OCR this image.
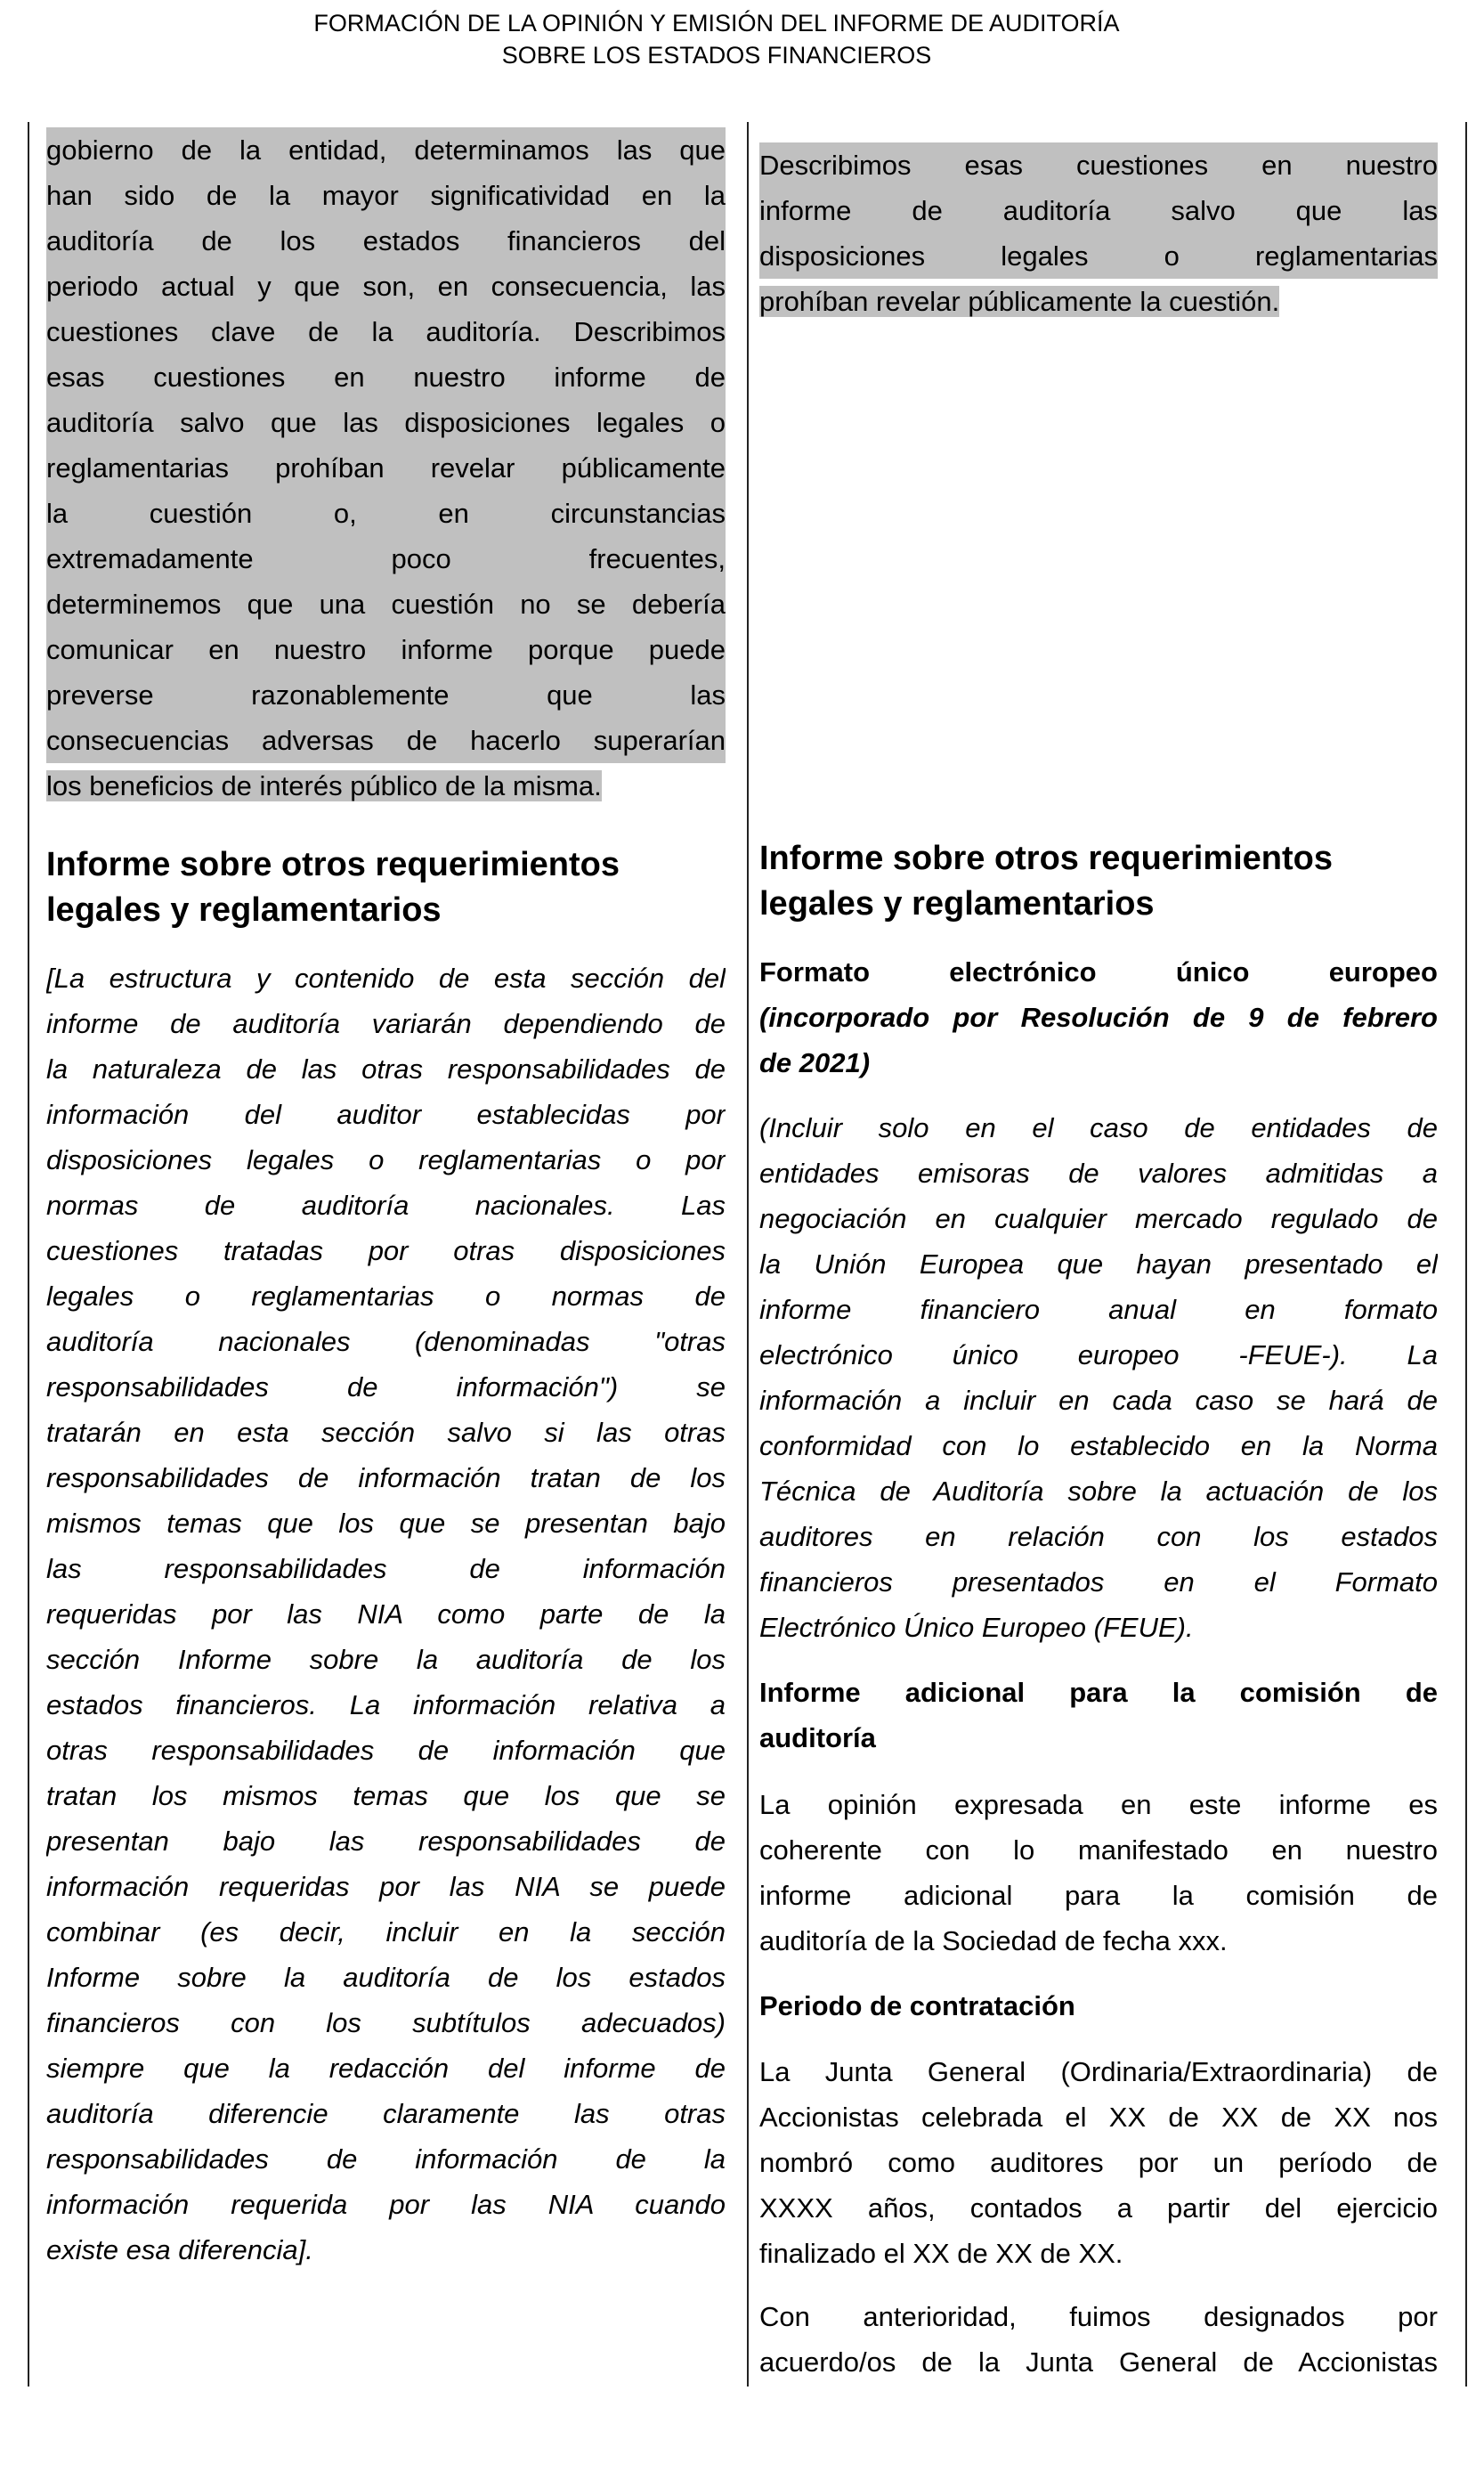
FORMACIÓN DE LA OPINIÓN Y EMISIÓN DEL INFORME DE AUDITORÍA
SOBRE LOS ESTADOS FINANCIEROS
gobierno de la entidad, determinamos las que
han sido de la mayor significatividad en la
auditoría de los estados financieros del
periodo actual y que son, en consecuencia, las
cuestiones clave de la auditoría. Describimos
esas cuestiones en nuestro informe de
auditoría salvo que las disposiciones legales o
reglamentarias prohíban revelar públicamente
la cuestión o, en circunstancias
extremadamente poco frecuentes,
determinemos que una cuestión no se debería
comunicar en nuestro informe porque puede
preverse razonablemente que las
consecuencias adversas de hacerlo superarían
los beneficios de interés público de la misma.
Informe sobre otros requerimientos
legales y reglamentarios
[La estructura y contenido de esta sección del
informe de auditoría variarán dependiendo de
la naturaleza de las otras responsabilidades de
información del auditor establecidas por
disposiciones legales o reglamentarias o por
normas de auditoría nacionales. Las
cuestiones tratadas por otras disposiciones
legales o reglamentarias o normas de
auditoría nacionales (denominadas "otras
responsabilidades de información") se
tratarán en esta sección salvo si las otras
responsabilidades de información tratan de los
mismos temas que los que se presentan bajo
las responsabilidades de información
requeridas por las NIA como parte de la
sección Informe sobre la auditoría de los
estados financieros. La información relativa a
otras responsabilidades de información que
tratan los mismos temas que los que se
presentan bajo las responsabilidades de
información requeridas por las NIA se puede
combinar (es decir, incluir en la sección
Informe sobre la auditoría de los estados
financieros con los subtítulos adecuados)
siempre que la redacción del informe de
auditoría diferencie claramente las otras
responsabilidades de información de la
información requerida por las NIA cuando
existe esa diferencia].
Describimos esas cuestiones en nuestro
informe de auditoría salvo que las
disposiciones legales o reglamentarias
prohíban revelar públicamente la cuestión.
Informe sobre otros requerimientos
legales y reglamentarios
Formato electrónico único europeo
(incorporado por Resolución de 9 de febrero
de 2021)
(Incluir solo en el caso de entidades de
entidades emisoras de valores admitidas a
negociación en cualquier mercado regulado de
la Unión Europea que hayan presentado el
informe financiero anual en formato
electrónico único europeo -FEUE-). La
información a incluir en cada caso se hará de
conformidad con lo establecido en la Norma
Técnica de Auditoría sobre la actuación de los
auditores en relación con los estados
financieros presentados en el Formato
Electrónico Único Europeo (FEUE).
Informe adicional para la comisión de
auditoría
La opinión expresada en este informe es
coherente con lo manifestado en nuestro
informe adicional para la comisión de
auditoría de la Sociedad de fecha xxx.
Periodo de contratación
La Junta General (Ordinaria/Extraordinaria) de
Accionistas celebrada el XX de XX de XX nos
nombró como auditores por un período de
XXXX años, contados a partir del ejercicio
finalizado el XX de XX de XX.
Con anterioridad, fuimos designados por
acuerdo/os de la Junta General de Accionistas
